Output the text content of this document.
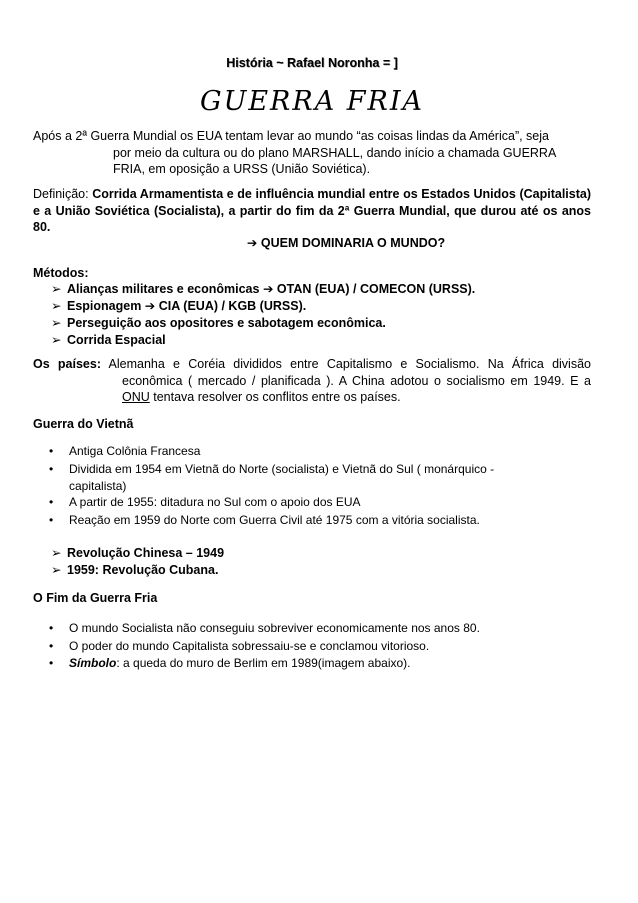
História ~ Rafael Noronha = ]
GUERRA FRIA
Após a 2ª Guerra Mundial os EUA tentam levar ao mundo “as coisas lindas da América”, seja
por meio da cultura ou do plano MARSHALL, dando início a chamada GUERRA
FRIA, em oposição a URSS (União Soviética).
Definição: Corrida Armamentista e de influência mundial entre os Estados Unidos (Capitalista) e a União Soviética (Socialista), a partir do fim da 2ª Guerra Mundial, que durou até os anos 80.
➔ QUEM DOMINARIA O MUNDO?
Métodos:
➢ Alianças militares e econômicas ➔ OTAN (EUA) / COMECON (URSS).
➢ Espionagem ➔ CIA (EUA) / KGB (URSS).
➢ Perseguição aos opositores e sabotagem econômica.
➢ Corrida Espacial
Os países: Alemanha e Coréia divididos entre Capitalismo e Socialismo. Na África divisão
econômica ( mercado / planificada ). A China adotou o socialismo em 1949. E a
ONU tentava resolver os conflitos entre os países.
Guerra do Vietnã
• Antiga Colônia Francesa
• Dividida em 1954 em Vietnã do Norte (socialista) e Vietnã do Sul ( monárquico - capitalista)
• A partir de 1955: ditadura no Sul com o apoio dos EUA
•Reação em 1959 do Norte com Guerra Civil até 1975 com a vitória socialista.
➢ Revolução Chinesa – 1949
➢ 1959: Revolução Cubana.
O Fim da Guerra Fria
• O mundo Socialista não conseguiu sobreviver economicamente nos anos 80.
•O poder do mundo Capitalista sobressaiu-se e conclamou vitorioso.
•Símbolo: a queda do muro de Berlim em 1989(imagem abaixo).
